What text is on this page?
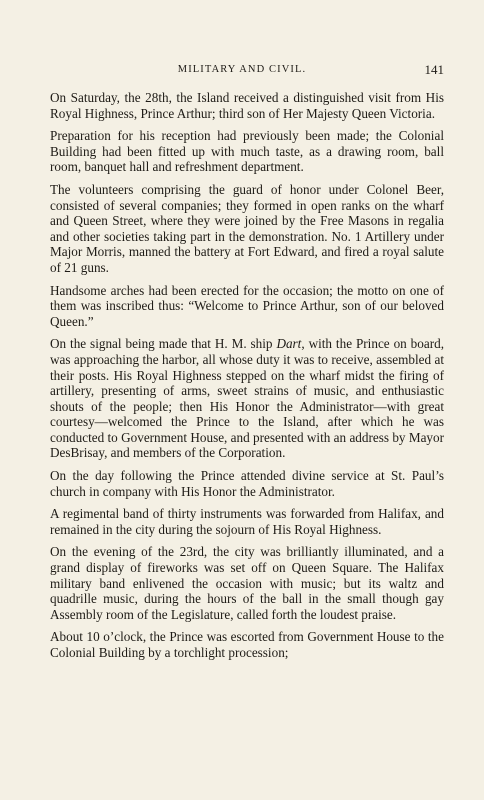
MILITARY AND CIVIL.	141

On Saturday, the 28th, the Island received a distinguished visit from His Royal Highness, Prince Arthur; third son of Her Majesty Queen Victoria.

Preparation for his reception had previously been made; the Colonial Building had been fitted up with much taste, as a drawing room, ball room, banquet hall and refreshment department.

The volunteers comprising the guard of honor under Colonel Beer, consisted of several companies; they formed in open ranks on the wharf and Queen Street, where they were joined by the Free Masons in regalia and other societies taking part in the demonstration. No. 1 Artillery under Major Morris, manned the battery at Fort Edward, and fired a royal salute of 21 guns.

Handsome arches had been erected for the occasion; the motto on one of them was inscribed thus: “Welcome to Prince Arthur, son of our beloved Queen.”

On the signal being made that H. M. ship Dart, with the Prince on board, was approaching the harbor, all whose duty it was to receive, assembled at their posts. His Royal Highness stepped on the wharf midst the firing of artillery, presenting of arms, sweet strains of music, and enthusiastic shouts of the people; then His Honor the Administrator—with great courtesy—welcomed the Prince to the Island, after which he was conducted to Government House, and presented with an address by Mayor DesBrisay, and members of the Corporation.

On the day following the Prince attended divine service at St. Paul’s church in company with His Honor the Administrator.

A regimental band of thirty instruments was forwarded from Halifax, and remained in the city during the sojourn of His Royal Highness.

On the evening of the 23rd, the city was brilliantly illuminated, and a grand display of fireworks was set off on Queen Square. The Halifax military band enlivened the occasion with music; but its waltz and quadrille music, during the hours of the ball in the small though gay Assembly room of the Legislature, called forth the loudest praise.

About 10 o’clock, the Prince was escorted from Government House to the Colonial Building by a torchlight procession;
